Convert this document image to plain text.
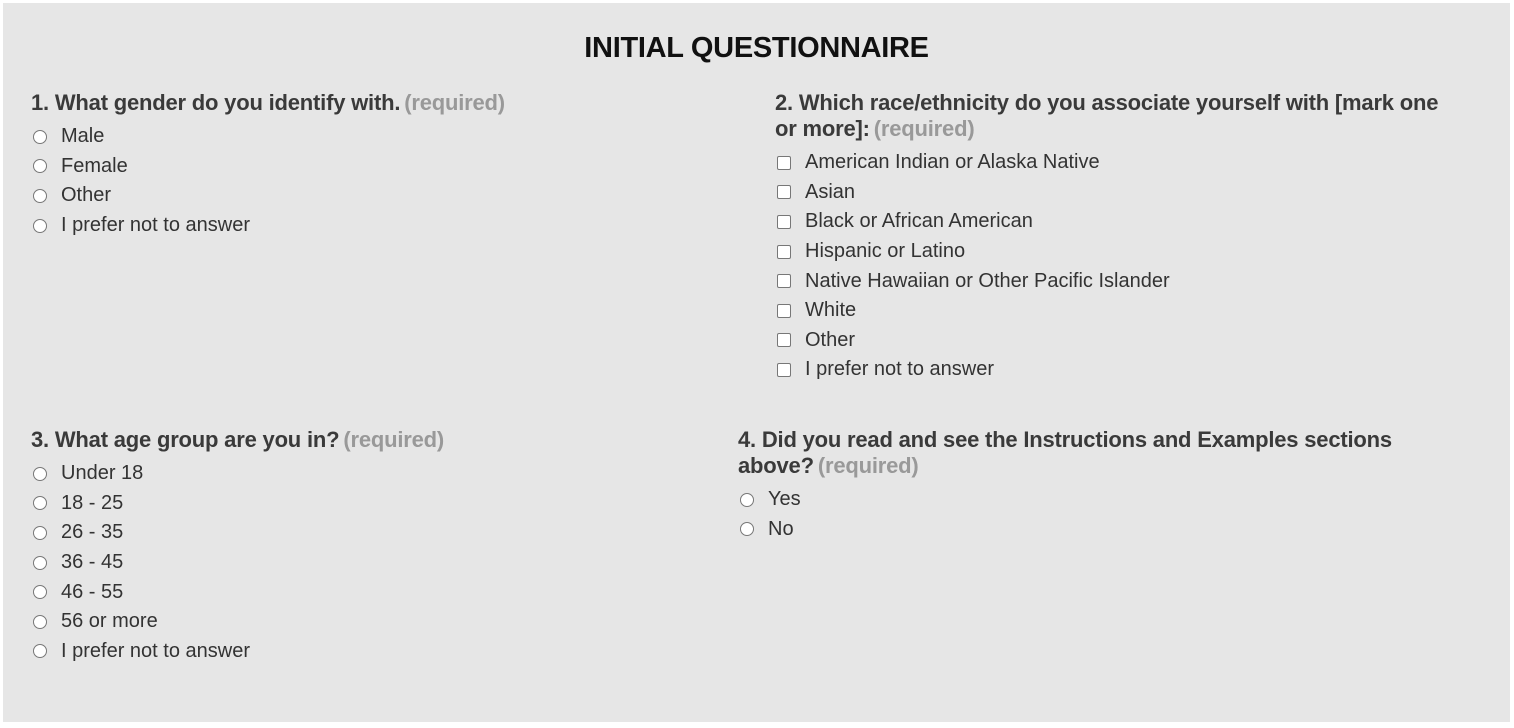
INITIAL QUESTIONNAIRE
1. What gender do you identify with. (required)
Male
Female
Other
I prefer not to answer
2. Which race/ethnicity do you associate yourself with [mark one or more]: (required)
American Indian or Alaska Native
Asian
Black or African American
Hispanic or Latino
Native Hawaiian or Other Pacific Islander
White
Other
I prefer not to answer
3. What age group are you in? (required)
Under 18
18 - 25
26 - 35
36 - 45
46 - 55
56 or more
I prefer not to answer
4. Did you read and see the Instructions and Examples sections above? (required)
Yes
No
